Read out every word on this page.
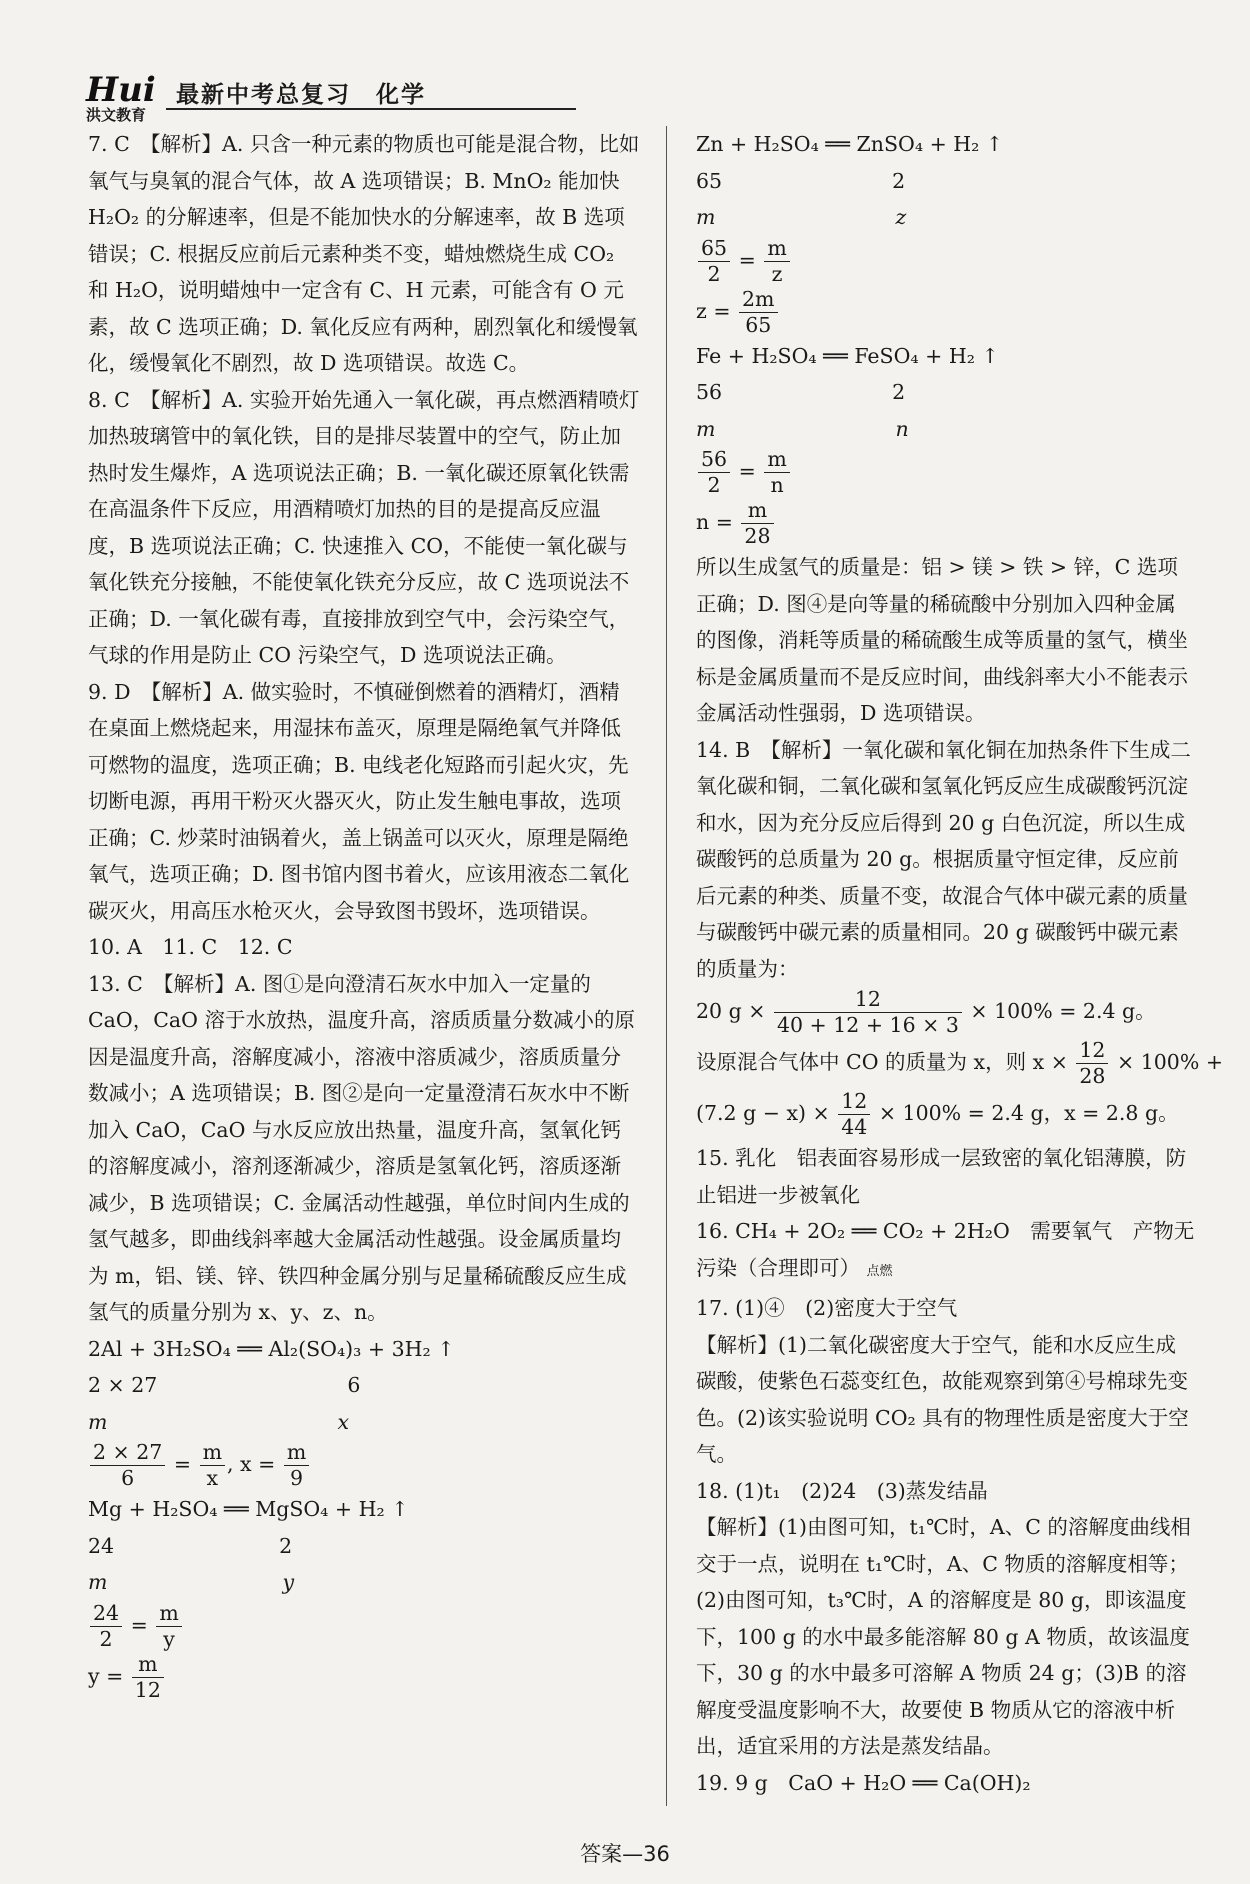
Hui
洪文教育
最新中考总复习　化学

7. C　【解析】A. 只含一种元素的物质也可能是混合物，比如氧气与臭氧的混合气体，故 A 选项错误；B. MnO₂ 能加快 H₂O₂ 的分解速率，但是不能加快水的分解速率，故 B 选项错误；C. 根据反应前后元素种类不变，蜡烛燃烧生成 CO₂ 和 H₂O，说明蜡烛中一定含有 C、H 元素，可能含有 O 元素，故 C 选项正确；D. 氧化反应有两种，剧烈氧化和缓慢氧化，缓慢氧化不剧烈，故 D 选项错误。故选 C。

8. C　【解析】A. 实验开始先通入一氧化碳，再点燃酒精喷灯加热玻璃管中的氧化铁，目的是排尽装置中的空气，防止加热时发生爆炸，A 选项说法正确；B. 一氧化碳还原氧化铁需在高温条件下反应，用酒精喷灯加热的目的是提高反应温度，B 选项说法正确；C. 快速推入 CO，不能使一氧化碳与氧化铁充分接触，不能使氧化铁充分反应，故 C 选项说法不正确；D. 一氧化碳有毒，直接排放到空气中，会污染空气，气球的作用是防止 CO 污染空气，D 选项说法正确。

9. D　【解析】A. 做实验时，不慎碰倒燃着的酒精灯，酒精在桌面上燃烧起来，用湿抹布盖灭，原理是隔绝氧气并降低可燃物的温度，选项正确；B. 电线老化短路而引起火灾，先切断电源，再用干粉灭火器灭火，防止发生触电事故，选项正确；C. 炒菜时油锅着火，盖上锅盖可以灭火，原理是隔绝氧气，选项正确；D. 图书馆内图书着火，应该用液态二氧化碳灭火，用高压水枪灭火，会导致图书毁坏，选项错误。

10. A　11. C　12. C

13. C　【解析】A. 图①是向澄清石灰水中加入一定量的 CaO，CaO 溶于水放热，温度升高，溶质质量分数减小的原因是温度升高，溶解度减小，溶液中溶质减少，溶质质量分数减小；A 选项错误；B. 图②是向一定量澄清石灰水中不断加入 CaO，CaO 与水反应放出热量，温度升高，氢氧化钙的溶解度减小，溶剂逐渐减少，溶质是氢氧化钙，溶质逐渐减少，B 选项错误；C. 金属活动性越强，单位时间内生成的氢气越多，即曲线斜率越大金属活动性越强。设金属质量均为 m，铝、镁、锌、铁四种金属分别与足量稀硫酸反应生成氢气的质量分别为 x、y、z、n。

2Al + 3H₂SO₄ ══ Al₂(SO₄)₃ + 3H₂ ↑

2 × 27	6

m	x

$\frac{2 \times 27}{6} = \frac{m}{x}$ , $x = \frac{m}{9}$

Mg + H₂SO₄ ══ MgSO₄ + H₂ ↑

24	2

m	y

$\frac{24}{2} = \frac{m}{y}$

$y = \frac{m}{12}$

Zn + H₂SO₄ ══ ZnSO₄ + H₂ ↑

65	2

m	z

$\frac{65}{2} = \frac{m}{z}$

$z = \frac{2m}{65}$

Fe + H₂SO₄ ══ FeSO₄ + H₂ ↑

56	2

m	n

$\frac{56}{2} = \frac{m}{n}$

$n = \frac{m}{28}$

所以生成氢气的质量是：铝 > 镁 > 铁 > 锌，C 选项正确；D. 图④是向等量的稀硫酸中分别加入四种金属的图像，消耗等质量的稀硫酸生成等质量的氢气，横坐标是金属质量而不是反应时间，曲线斜率大小不能表示金属活动性强弱，D 选项错误。

14. B　【解析】一氧化碳和氧化铜在加热条件下生成二氧化碳和铜，二氧化碳和氢氧化钙反应生成碳酸钙沉淀和水，因为充分反应后得到 20 g 白色沉淀，所以生成碳酸钙的总质量为 20 g。根据质量守恒定律，反应前后元素的种类、质量不变，故混合气体中碳元素的质量与碳酸钙中碳元素的质量相同。20 g 碳酸钙中碳元素的质量为：

20 $g \times \frac{12}{40 + 12 + 16 \times 3} \times 100\% = 2.4$ g。

设原混合气体中 CO 的质量为 x，则 $x \times \frac{12}{28} \times 100\%$ +

(7.2 $g - x) \times \frac{12}{44} \times 100\% = 2.4$ g，x = 2.8 g。

15. 乳化　铝表面容易形成一层致密的氧化铝薄膜，防止铝进一步被氧化

16. CH₄ + 2O₂ ══ CO₂ + 2H₂O　需要氧气　产物无污染（合理即可） 点燃

17. (1)④　(2)密度大于空气

【解析】(1)二氧化碳密度大于空气，能和水反应生成碳酸，使紫色石蕊变红色，故能观察到第④号棉球先变色。(2)该实验说明 CO₂ 具有的物理性质是密度大于空气。

18. (1)t₁　(2)24　(3)蒸发结晶

【解析】(1)由图可知，t₁℃时，A、C 的溶解度曲线相交于一点，说明在 t₁℃时，A、C 物质的溶解度相等；(2)由图可知，t₃℃时，A 的溶解度是 80 g，即该温度下，100 g 的水中最多能溶解 80 g A 物质，故该温度下，30 g 的水中最多可溶解 A 物质 24 g；(3)B 的溶解度受温度影响不大，故要使 B 物质从它的溶液中析出，适宜采用的方法是蒸发结晶。

19. 9 g　CaO + H₂O ══ Ca(OH)₂

答案—36
